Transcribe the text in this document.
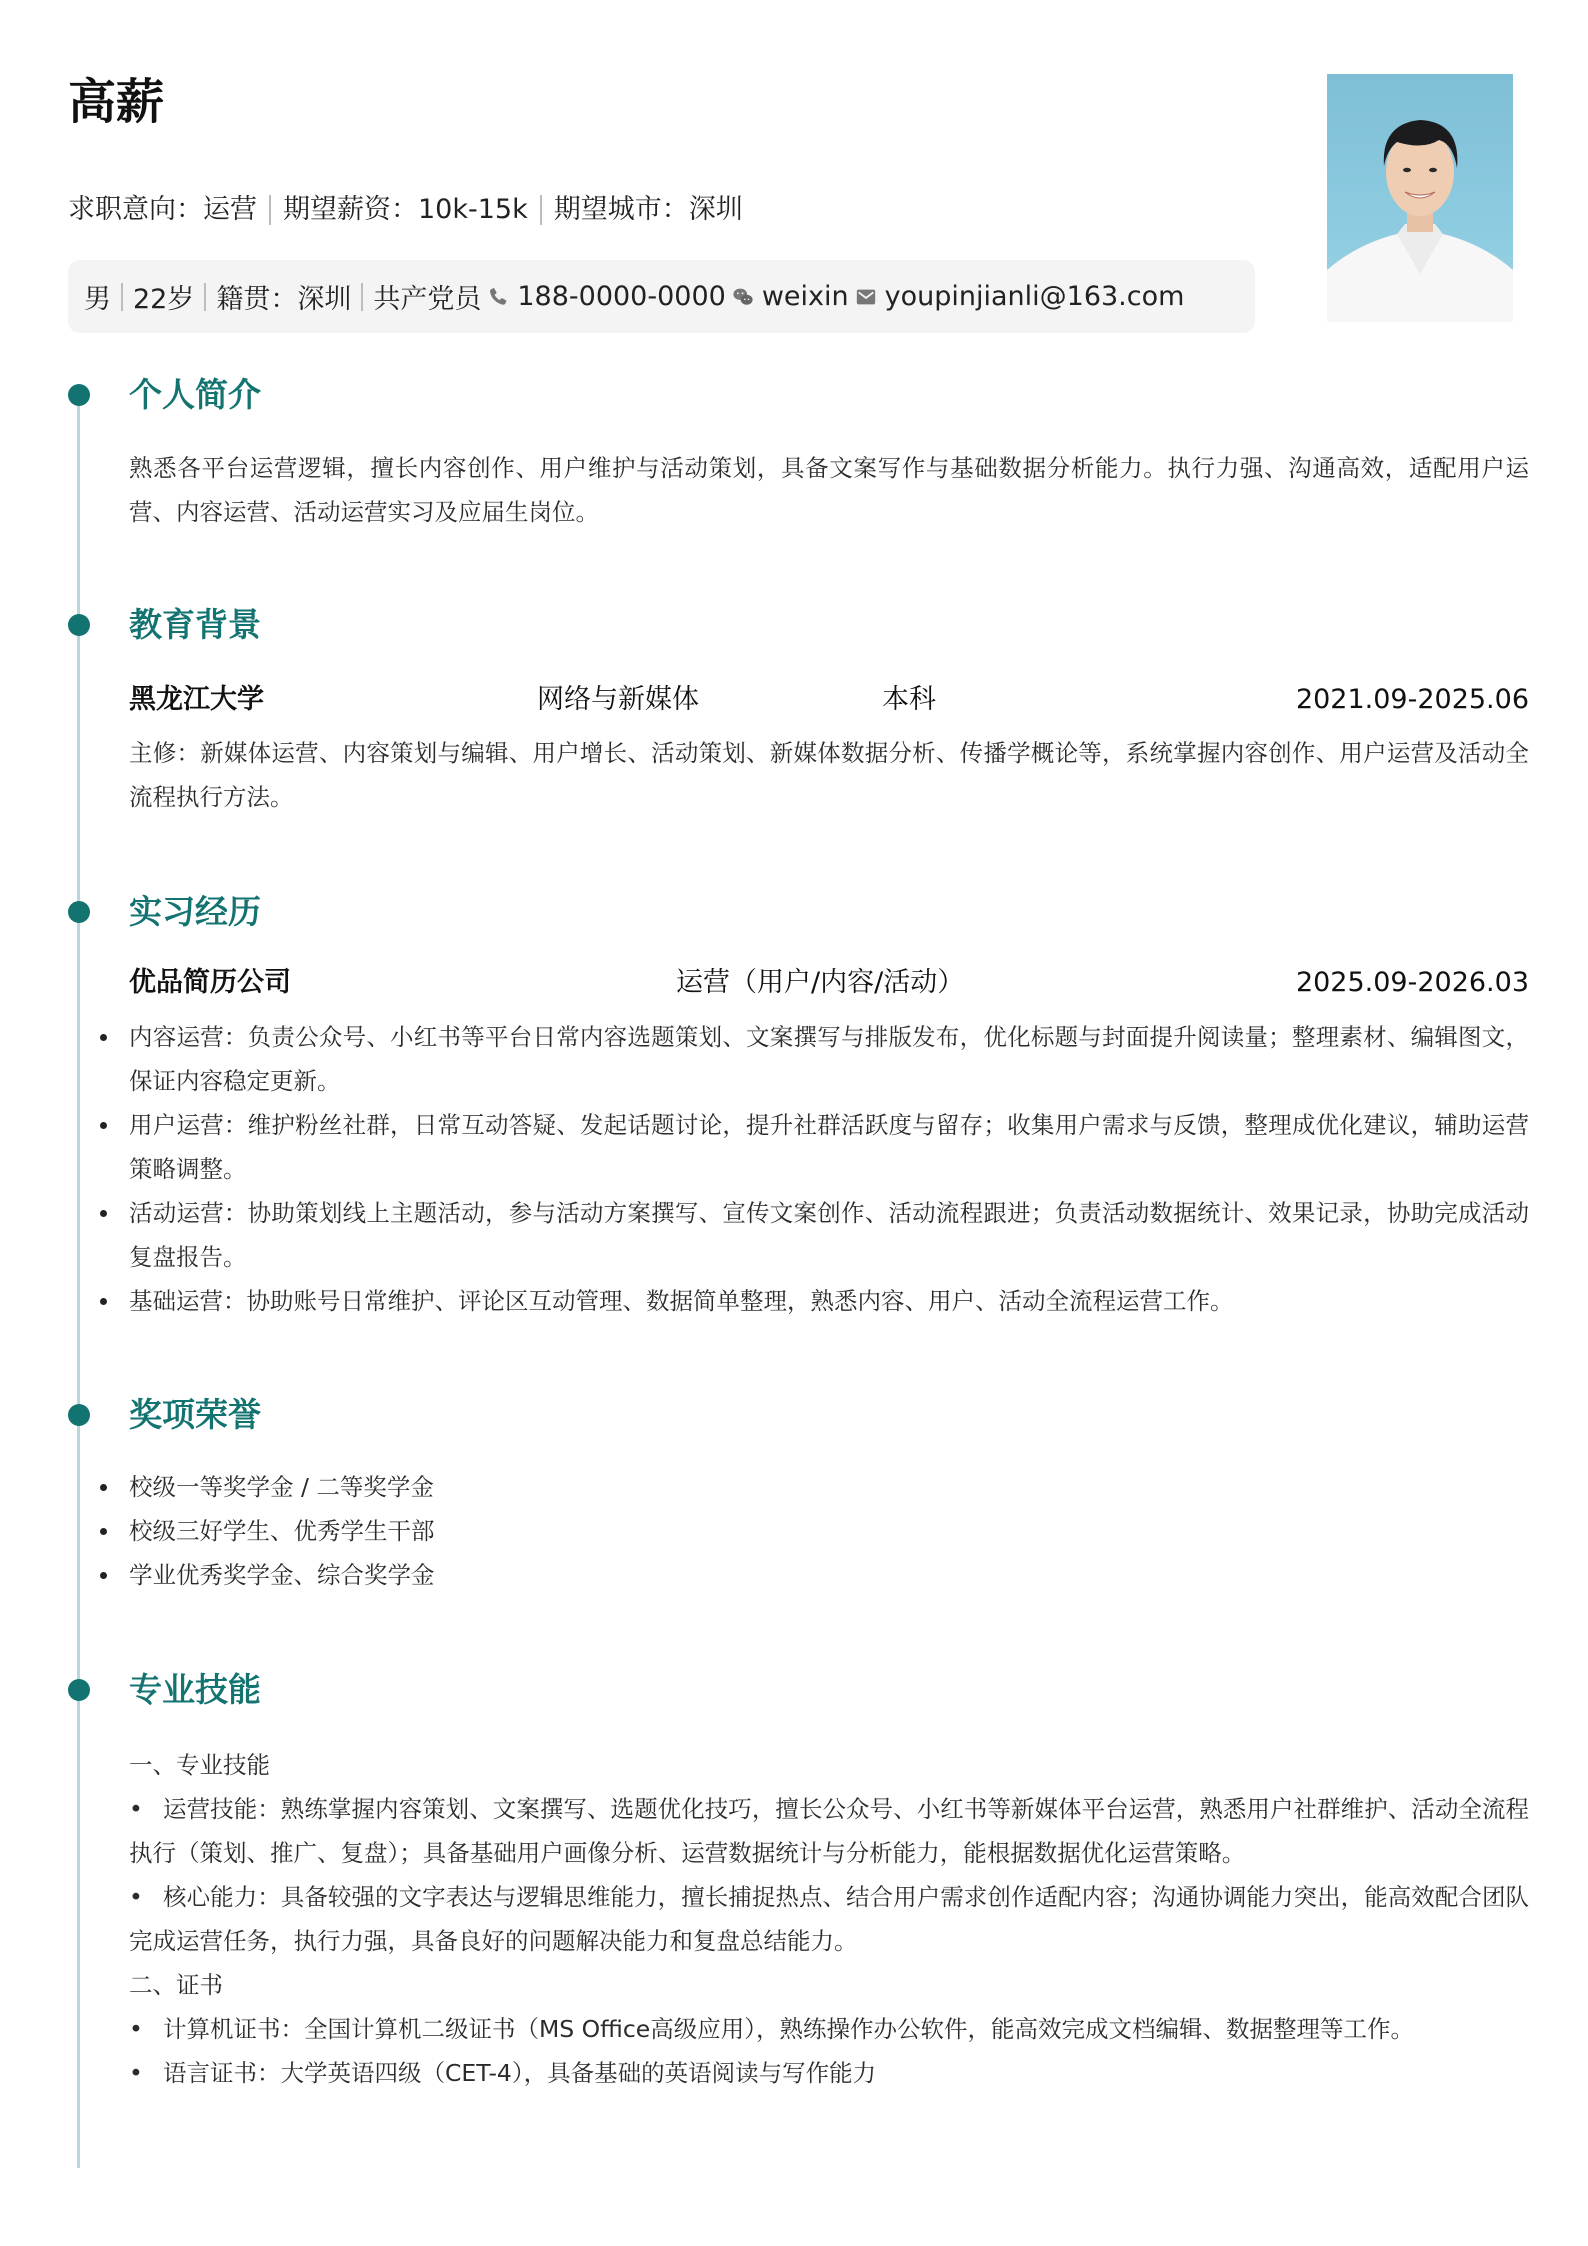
高薪
求职意向：运营 期望薪资：10k-15k 期望城市：深圳
男 22岁 籍贯：深圳 共产党员 188-0000-0000 weixin youpinjianli@163.com
个人简介
熟悉各平台运营逻辑，擅长内容创作、用户维护与活动策划，具备文案写作与基础数据分析能力。执行力强、沟通高效，适配用户运营、内容运营、活动运营实习及应届生岗位。
教育背景
黑龙江大学	网络与新媒体	本科	2021.09-2025.06
主修：新媒体运营、内容策划与编辑、用户增长、活动策划、新媒体数据分析、传播学概论等，系统掌握内容创作、用户运营及活动全流程执行方法。
实习经历
优品简历公司	运营（用户/内容/活动）	2025.09-2026.03
内容运营：负责公众号、小红书等平台日常内容选题策划、文案撰写与排版发布，优化标题与封面提升阅读量；整理素材、编辑图文，保证内容稳定更新。
用户运营：维护粉丝社群，日常互动答疑、发起话题讨论，提升社群活跃度与留存；收集用户需求与反馈，整理成优化建议，辅助运营策略调整。
活动运营：协助策划线上主题活动，参与活动方案撰写、宣传文案创作、活动流程跟进；负责活动数据统计、效果记录，协助完成活动复盘报告。
基础运营：协助账号日常维护、评论区互动管理、数据简单整理，熟悉内容、用户、活动全流程运营工作。
奖项荣誉
校级一等奖学金 / 二等奖学金
校级三好学生、优秀学生干部
学业优秀奖学金、综合奖学金
专业技能
一、专业技能
• 运营技能：熟练掌握内容策划、文案撰写、选题优化技巧，擅长公众号、小红书等新媒体平台运营，熟悉用户社群维护、活动全流程执行（策划、推广、复盘）；具备基础用户画像分析、运营数据统计与分析能力，能根据数据优化运营策略。
• 核心能力：具备较强的文字表达与逻辑思维能力，擅长捕捉热点、结合用户需求创作适配内容；沟通协调能力突出，能高效配合团队完成运营任务，执行力强，具备良好的问题解决能力和复盘总结能力。
二、证书
• 计算机证书：全国计算机二级证书（MS Office高级应用），熟练操作办公软件，能高效完成文档编辑、数据整理等工作。
• 语言证书：大学英语四级（CET-4），具备基础的英语阅读与写作能力
